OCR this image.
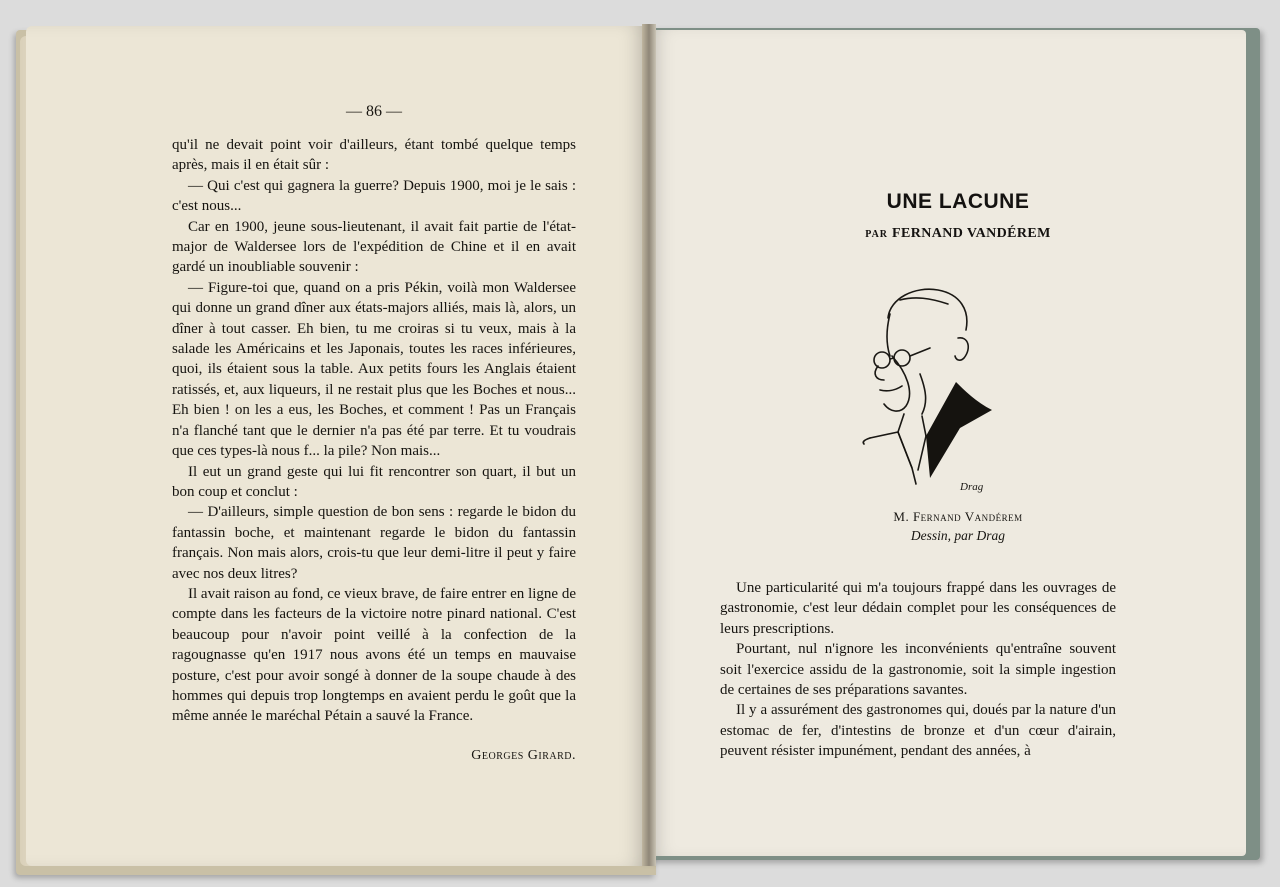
— 86 —

qu'il ne devait point voir d'ailleurs, étant tombé quelque temps après, mais il en était sûr :

— Qui c'est qui gagnera la guerre? Depuis 1900, moi je le sais : c'est nous...

Car en 1900, jeune sous-lieutenant, il avait fait partie de l'état-major de Waldersee lors de l'expédition de Chine et il en avait gardé un inoubliable souvenir :

— Figure-toi que, quand on a pris Pékin, voilà mon Waldersee qui donne un grand dîner aux états-majors alliés, mais là, alors, un dîner à tout casser. Eh bien, tu me croiras si tu veux, mais à la salade les Américains et les Japonais, toutes les races inférieures, quoi, ils étaient sous la table. Aux petits fours les Anglais étaient ratissés, et, aux liqueurs, il ne restait plus que les Boches et nous... Eh bien ! on les a eus, les Boches, et comment ! Pas un Français n'a flanché tant que le dernier n'a pas été par terre. Et tu voudrais que ces types-là nous f... la pile? Non mais...

Il eut un grand geste qui lui fit rencontrer son quart, il but un bon coup et conclut :

— D'ailleurs, simple question de bon sens : regarde le bidon du fantassin boche, et maintenant regarde le bidon du fantassin français. Non mais alors, crois-tu que leur demi-litre il peut y faire avec nos deux litres?

Il avait raison au fond, ce vieux brave, de faire entrer en ligne de compte dans les facteurs de la victoire notre pinard national. C'est beaucoup pour n'avoir point veillé à la confection de la ragougnasse qu'en 1917 nous avons été un temps en mauvaise posture, c'est pour avoir songé à donner de la soupe chaude à des hommes qui depuis trop longtemps en avaient perdu le goût que la même année le maréchal Pétain a sauvé la France.

Georges Girard.
UNE LACUNE
PAR FERNAND VANDÉREM
Drag
M. Fernand Vandérem
Dessin, par Drag

Une particularité qui m'a toujours frappé dans les ouvrages de gastronomie, c'est leur dédain complet pour les conséquences de leurs prescriptions.

Pourtant, nul n'ignore les inconvénients qu'entraîne souvent soit l'exercice assidu de la gastronomie, soit la simple ingestion de certaines de ses préparations savantes.

Il y a assurément des gastronomes qui, doués par la nature d'un estomac de fer, d'intestins de bronze et d'un cœur d'airain, peuvent résister impunément, pendant des années, à
